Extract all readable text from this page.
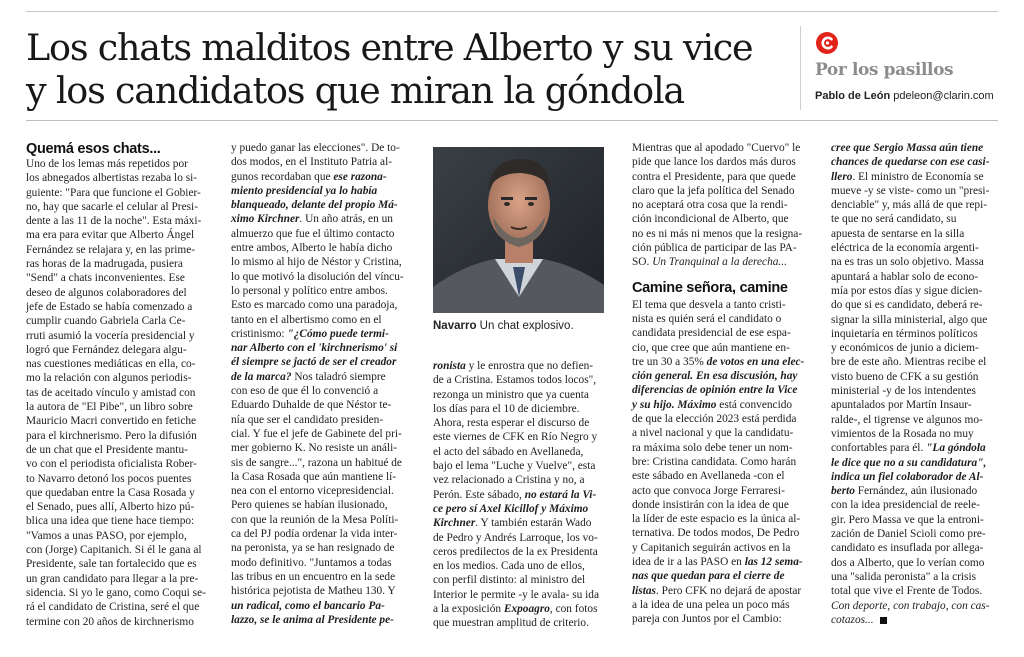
Los chats malditos entre Alberto y su vice
y los candidatos que miran la góndola	Por los pasillos
Pablo de León pdeleon@clarin.com
Quemá esos chats...
Uno de los lemas más repetidos por
los abnegados albertistas rezaba lo si-
guiente: "Para que funcione el Gobier-
no, hay que sacarle el celular al Presi-
dente a las 11 de la noche". Esta máxi-
ma era para evitar que Alberto Ángel
Fernández se relajara y, en las prime-
ras horas de la madrugada, pusiera
"Send" a chats inconvenientes. Ese
deseo de algunos colaboradores del
jefe de Estado se había comenzado a
cumplir cuando Gabriela Carla Ce-
rruti asumió la vocería presidencial y
logró que Fernández delegara algu-
nas cuestiones mediáticas en ella, co-
mo la relación con algunos periodis-
tas de aceitado vínculo y amistad con
la autora de "El Pibe", un libro sobre
Mauricio Macri convertido en fetiche
para el kirchnerismo. Pero la difusión
de un chat que el Presidente mantu-
vo con el periodista oficialista Rober-
to Navarro detonó los pocos puentes
que quedaban entre la Casa Rosada y
el Senado, pues allí, Alberto hizo pú-
blica una idea que tiene hace tiempo:
"Vamos a unas PASO, por ejemplo,
con (Jorge) Capitanich. Si él le gana al
Presidente, sale tan fortalecido que es
un gran candidato para llegar a la pre-
sidencia. Si yo le gano, como Coqui se-
rá el candidato de Cristina, seré el que
termine con 20 años de kirchnerismo
y puedo ganar las elecciones". De to-
dos modos, en el Instituto Patria al-
gunos recordaban que ese razona-
miento presidencial ya lo había
blanqueado, delante del propio Má-
ximo Kirchner. Un año atrás, en un
almuerzo que fue el último contacto
entre ambos, Alberto le había dicho
lo mismo al hijo de Néstor y Cristina,
lo que motivó la disolución del víncu-
lo personal y político entre ambos.
Esto es marcado como una paradoja,
tanto en el albertismo como en el
cristinismo: "¿Cómo puede termi-
nar Alberto con el 'kirchnerismo' si
él siempre se jactó de ser el creador
de la marca? Nos taladró siempre
con eso de que él lo convenció a
Eduardo Duhalde de que Néstor te-
nía que ser el candidato presiden-
cial. Y fue el jefe de Gabinete del pri-
mer gobierno K. No resiste un análi-
sis de sangre...", razona un habitué de
la Casa Rosada que aún mantiene lí-
nea con el entorno vicepresidencial.
Pero quienes se habían ilusionado,
con que la reunión de la Mesa Políti-
ca del PJ podía ordenar la vida inter-
na peronista, ya se han resignado de
modo definitivo. "Juntamos a todas
las tribus en un encuentro en la sede
histórica pejotista de Matheu 130. Y
un radical, como el bancario Pa-
lazzo, se le anima al Presidente pe-
Navarro Un chat explosivo.
ronista y le enrostra que no defien-
de a Cristina. Estamos todos locos",
rezonga un ministro que ya cuenta
los días para el 10 de diciembre.
Ahora, resta esperar el discurso de
este viernes de CFK en Río Negro y
el acto del sábado en Avellaneda,
bajo el lema "Luche y Vuelve", esta
vez relacionado a Cristina y no, a
Perón. Este sábado, no estará la Vi-
ce pero sí Axel Kicillof y Máximo
Kirchner. Y también estarán Wado
de Pedro y Andrés Larroque, los vo-
ceros predilectos de la ex Presidenta
en los medios. Cada uno de ellos,
con perfil distinto: al ministro del
Interior le permite -y le avala- su ida
a la exposición Expoagro, con fotos
que muestran amplitud de criterio.
Mientras que al apodado "Cuervo" le
pide que lance los dardos más duros
contra el Presidente, para que quede
claro que la jefa política del Senado
no aceptará otra cosa que la rendi-
ción incondicional de Alberto, que
no es ni más ni menos que la resigna-
ción pública de participar de las PA-
SO. Un Tranquinal a la derecha...
Camine señora, camine
El tema que desvela a tanto cristi-
nista es quién será el candidato o
candidata presidencial de ese espa-
cio, que cree que aún mantiene en-
tre un 30 a 35% de votos en una elec-
ción general. En esa discusión, hay
diferencias de opinión entre la Vice
y su hijo. Máximo está convencido
de que la elección 2023 está perdida
a nivel nacional y que la candidatu-
ra máxima solo debe tener un nom-
bre: Cristina candidata. Como harán
este sábado en Avellaneda -con el
acto que convoca Jorge Ferraresi-
donde insistirán con la idea de que
la líder de este espacio es la única al-
ternativa. De todos modos, De Pedro
y Capitanich seguirán activos en la
idea de ir a las PASO en las 12 sema-
nas que quedan para el cierre de
listas. Pero CFK no dejará de apostar
a la idea de una pelea un poco más
pareja con Juntos por el Cambio:
cree que Sergio Massa aún tiene
chances de quedarse con ese casi-
llero. El ministro de Economía se
mueve -y se viste- como un "presi-
denciable" y, más allá de que repi-
te que no será candidato, su
apuesta de sentarse en la silla
eléctrica de la economía argenti-
na es tras un solo objetivo. Massa
apuntará a hablar solo de econo-
mía por estos días y sigue dicien-
do que si es candidato, deberá re-
signar la silla ministerial, algo que
inquietaría en términos políticos
y económicos de junio a diciem-
bre de este año. Mientras recibe el
visto bueno de CFK a su gestión
ministerial -y de los intendentes
apuntalados por Martín Insaur-
ralde-, el tigrense ve algunos mo-
vimientos de la Rosada no muy
confortables para él. "La góndola
le dice que no a su candidatura",
indica un fiel colaborador de Al-
berto Fernández, aún ilusionado
con la idea presidencial de reele-
gir. Pero Massa ve que la entroni-
zación de Daniel Scioli como pre-
candidato es insuflada por allega-
dos a Alberto, que lo verían como
una "salida peronista" a la crisis
total que vive el Frente de Todos.
Con deporte, con trabajo, con cas-
cotazos...
